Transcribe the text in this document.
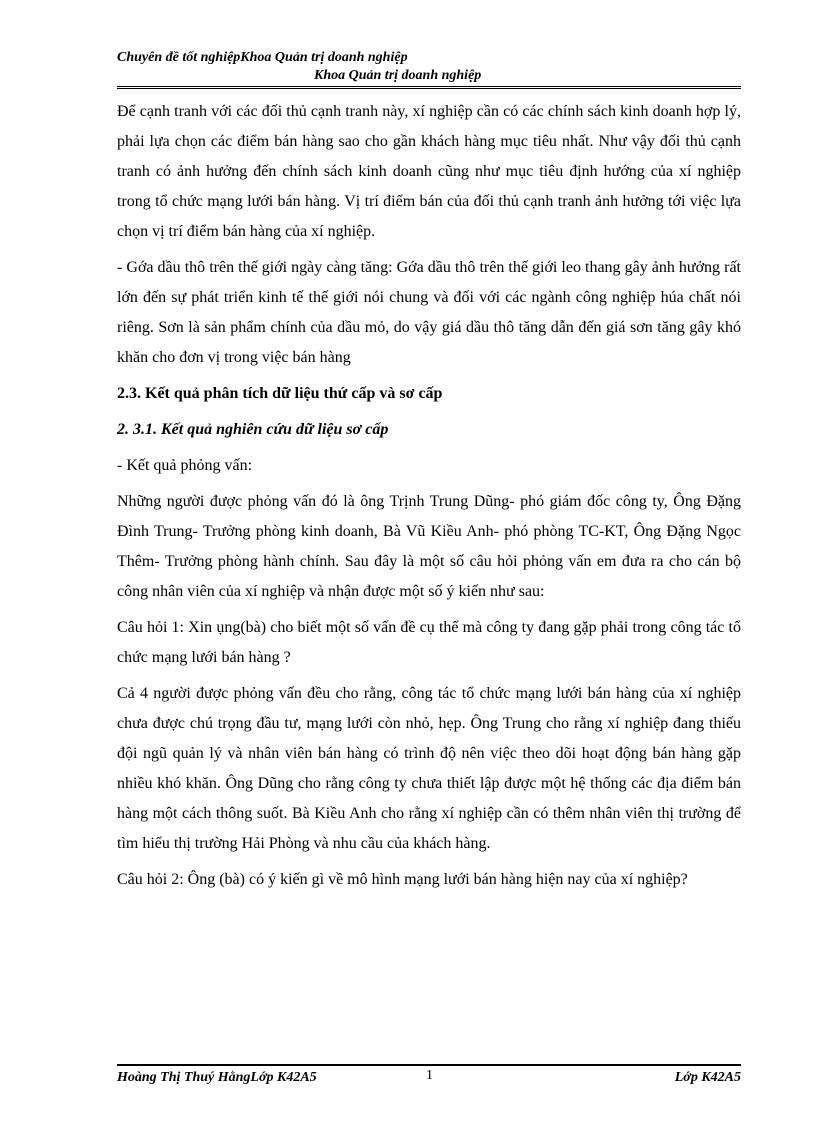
Chuyên đề tốt nghiệpKhoa Quản trị doanh nghiệp
Khoa Quản trị doanh nghiệp

Để cạnh tranh với các đối thủ cạnh tranh này, xí nghiệp cần có các chính sách kinh doanh hợp lý, phải lựa chọn các điểm bán hàng sao cho gần khách hàng mục tiêu nhất. Như vậy đối thủ cạnh tranh có ảnh hưởng đến chính sách kinh doanh cũng như mục tiêu định hướng của xí nghiệp trong tổ chức mạng lưới bán hàng. Vị trí điểm bán của đối thủ cạnh tranh ảnh hưởng tới việc lựa chọn vị trí điểm bán hàng của xí nghiệp.

- Gớa dầu thô trên thế giới ngày càng tăng: Gớa dầu thô trên thế giới leo thang gây ảnh hưởng rất lớn đến sự phát triển kinh tế thế giới nói chung và đối với các ngành công nghiệp húa chất nói riêng. Sơn là sản phẩm chính của dầu mỏ, do vậy giá dầu thô tăng dẫn đến giá sơn tăng gây khó khăn cho đơn vị trong việc bán hàng

2.3. Kết quả phân tích dữ liệu thứ cấp và sơ cấp
2. 3.1. Kết quả nghiên cứu dữ liệu sơ cấp

- Kết quả phỏng vấn:

Những người được phỏng vấn đó là ông Trịnh Trung Dũng- phó giám đốc công ty, Ông Đặng Đình Trung- Trưởng phòng kinh doanh, Bà Vũ Kiều Anh- phó phòng TC-KT, Ông Đặng Ngọc Thêm- Trưởng phòng hành chính. Sau đây là một số câu hỏi phỏng vấn em đưa ra cho cán bộ công nhân viên của xí nghiệp và nhận được một số ý kiến như sau:

Câu hỏi 1: Xin ụng(bà) cho biết một số vấn đề cụ thể mà công ty đang gặp phải trong công tác tổ chức mạng lưới bán hàng ?

Cả 4 người được phỏng vấn đều cho rằng, công tác tổ chức mạng lưới bán hàng của xí nghiệp chưa được chú trọng đầu tư, mạng lưới còn nhỏ, hẹp. Ông Trung cho rằng xí nghiệp đang thiếu đội ngũ quản lý và nhân viên bán hàng có trình độ nên việc theo dõi hoạt động bán hàng gặp nhiều khó khăn. Ông Dũng cho rằng công ty chưa thiết lập được một hệ thống các địa điểm bán hàng một cách thông suốt. Bà Kiều Anh cho rằng xí nghiệp cần có thêm nhân viên thị trường để tìm hiểu thị trường Hải Phòng và nhu cầu của khách hàng.

Câu hỏi 2: Ông (bà) có ý kiến gì về mô hình mạng lưới bán hàng hiện nay của xí nghiệp?

Hoàng Thị Thuý HằngLớp K42A5	1	Lớp K42A5
